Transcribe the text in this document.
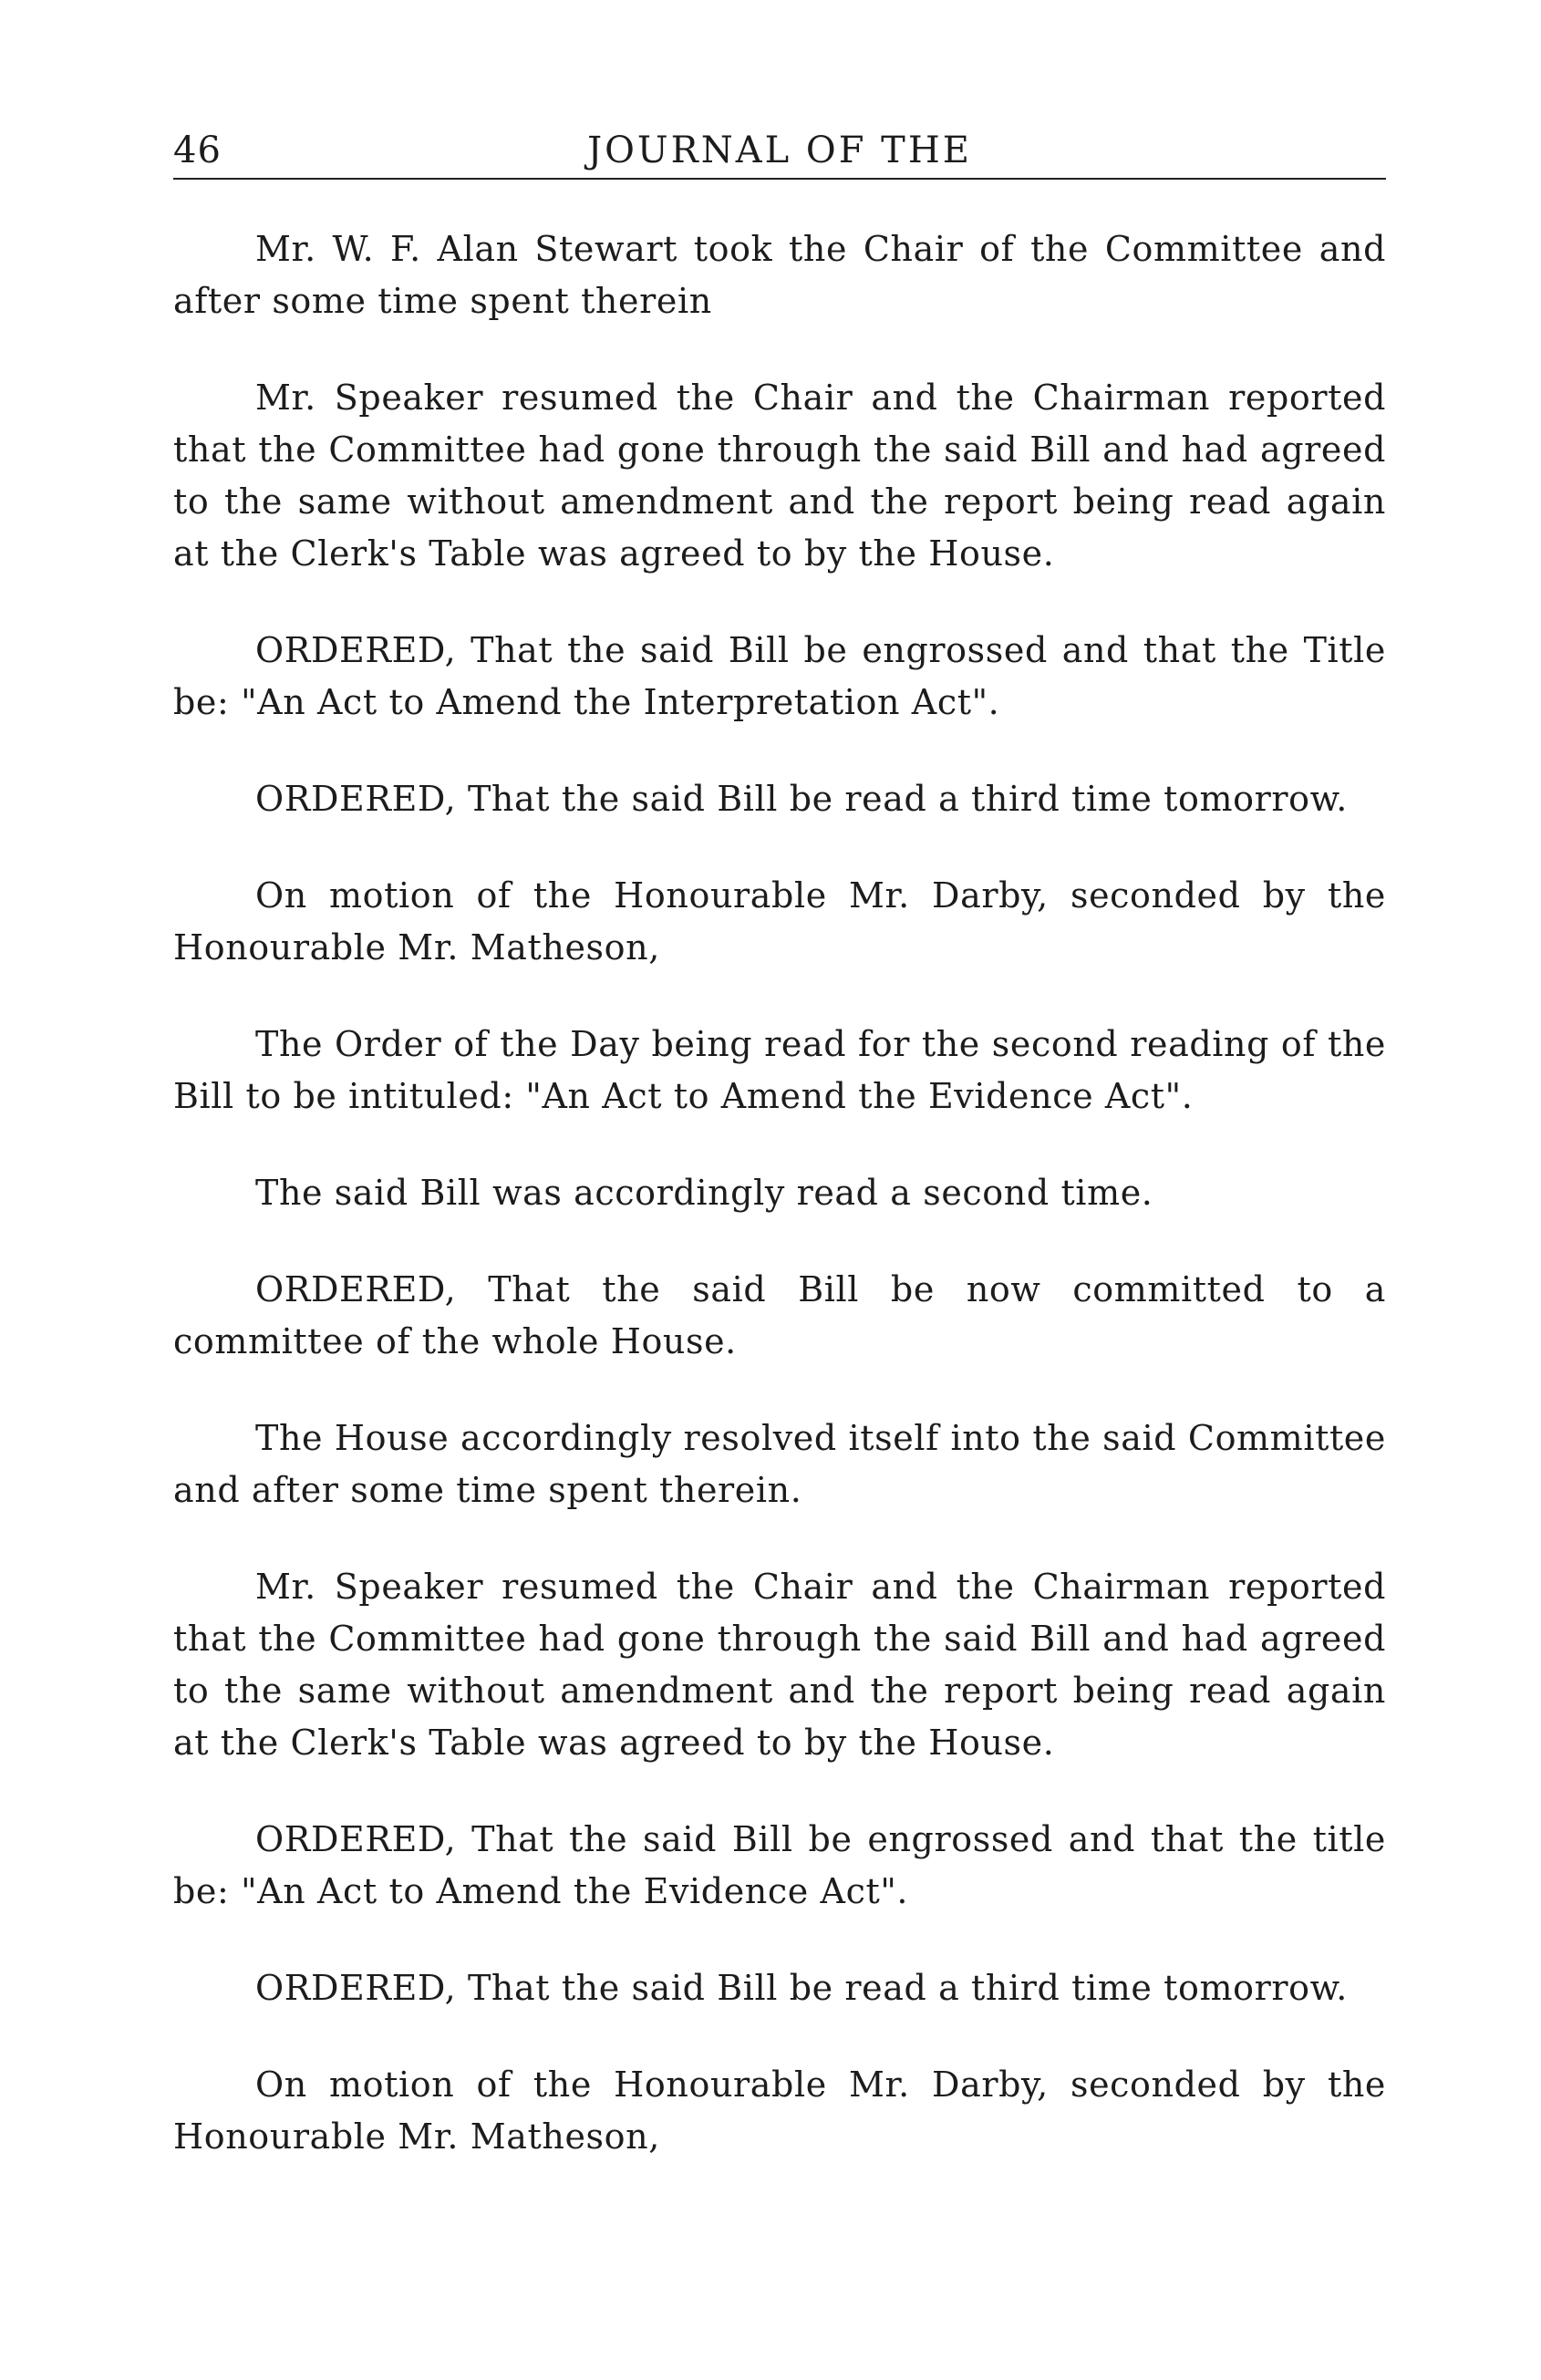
46	JOURNAL OF THE

Mr. W. F. Alan Stewart took the Chair of the Committee and after some time spent therein

Mr. Speaker resumed the Chair and the Chairman reported that the Committee had gone through the said Bill and had agreed to the same without amendment and the report being read again at the Clerk's Table was agreed to by the House.

ORDERED, That the said Bill be engrossed and that the Title be: "An Act to Amend the Interpretation Act".

ORDERED, That the said Bill be read a third time tomorrow.

On motion of the Honourable Mr. Darby, seconded by the Honourable Mr. Matheson,

The Order of the Day being read for the second reading of the Bill to be intituled: "An Act to Amend the Evidence Act".

The said Bill was accordingly read a second time.

ORDERED, That the said Bill be now committed to a committee of the whole House.

The House accordingly resolved itself into the said Committee and after some time spent therein.

Mr. Speaker resumed the Chair and the Chairman reported that the Committee had gone through the said Bill and had agreed to the same without amendment and the report being read again at the Clerk's Table was agreed to by the House.

ORDERED, That the said Bill be engrossed and that the title be: "An Act to Amend the Evidence Act".

ORDERED, That the said Bill be read a third time tomorrow.

On motion of the Honourable Mr. Darby, seconded by the Honourable Mr. Matheson,
